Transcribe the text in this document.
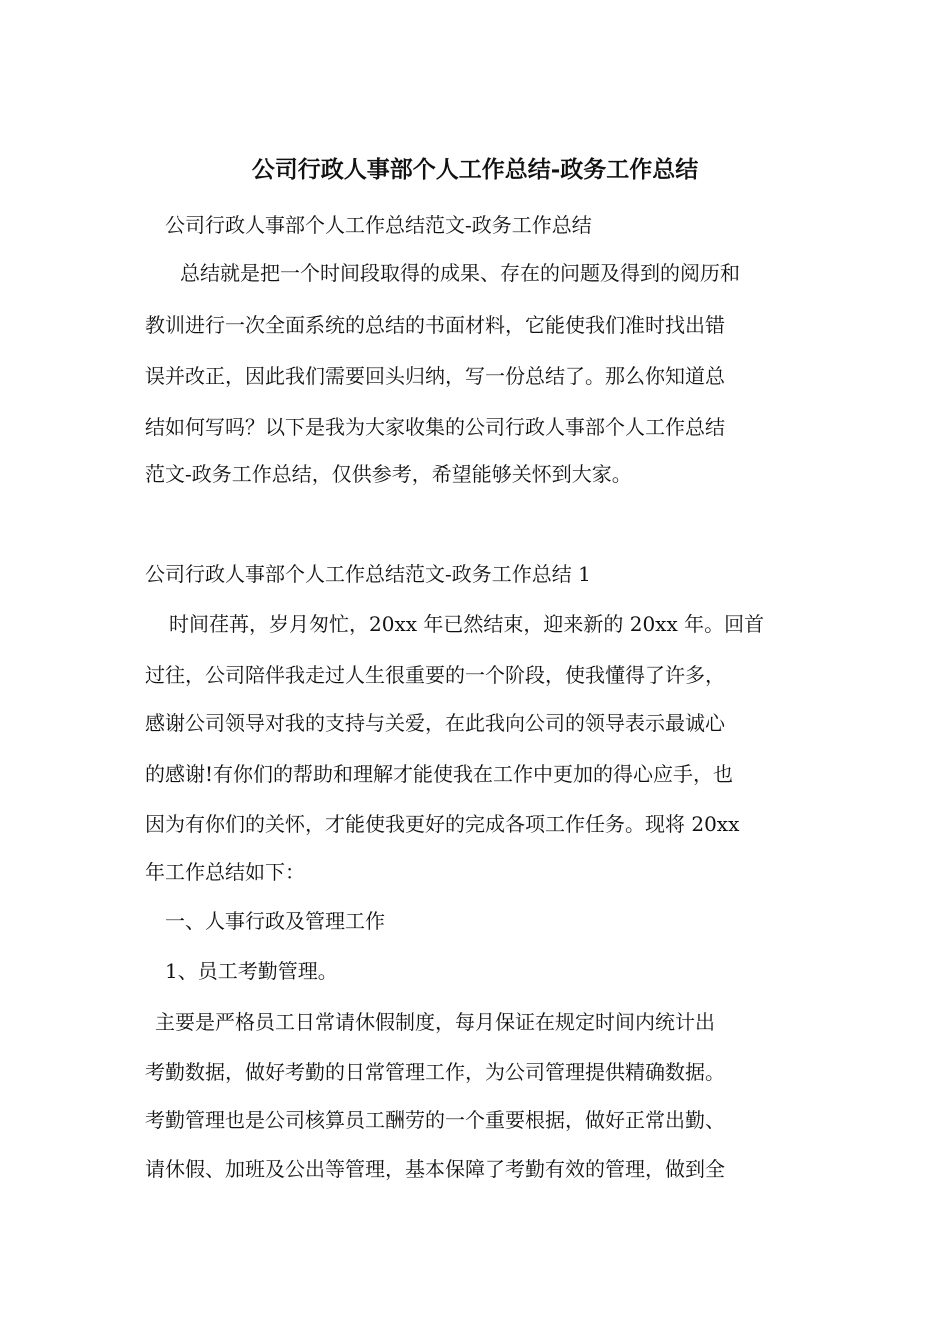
公司行政人事部个人工作总结-政务工作总结
公司行政人事部个人工作总结范文-政务工作总结
总结就是把一个时间段取得的成果、存在的问题及得到的阅历和
教训进行一次全面系统的总结的书面材料，它能使我们准时找出错
误并改正，因此我们需要回头归纳，写一份总结了。那么你知道总
结如何写吗？以下是我为大家收集的公司行政人事部个人工作总结
范文-政务工作总结，仅供参考，希望能够关怀到大家。
公司行政人事部个人工作总结范文-政务工作总结 1
时间荏苒，岁月匆忙，20xx 年已然结束，迎来新的 20xx 年。回首
过往，公司陪伴我走过人生很重要的一个阶段，使我懂得了许多，
感谢公司领导对我的支持与关爱，在此我向公司的领导表示最诚心
的感谢!有你们的帮助和理解才能使我在工作中更加的得心应手，也
因为有你们的关怀，才能使我更好的完成各项工作任务。现将 20xx
年工作总结如下：
一、人事行政及管理工作
1、员工考勤管理。
主要是严格员工日常请休假制度，每月保证在规定时间内统计出
考勤数据，做好考勤的日常管理工作，为公司管理提供精确数据。
考勤管理也是公司核算员工酬劳的一个重要根据，做好正常出勤、
请休假、加班及公出等管理，基本保障了考勤有效的管理，做到全
